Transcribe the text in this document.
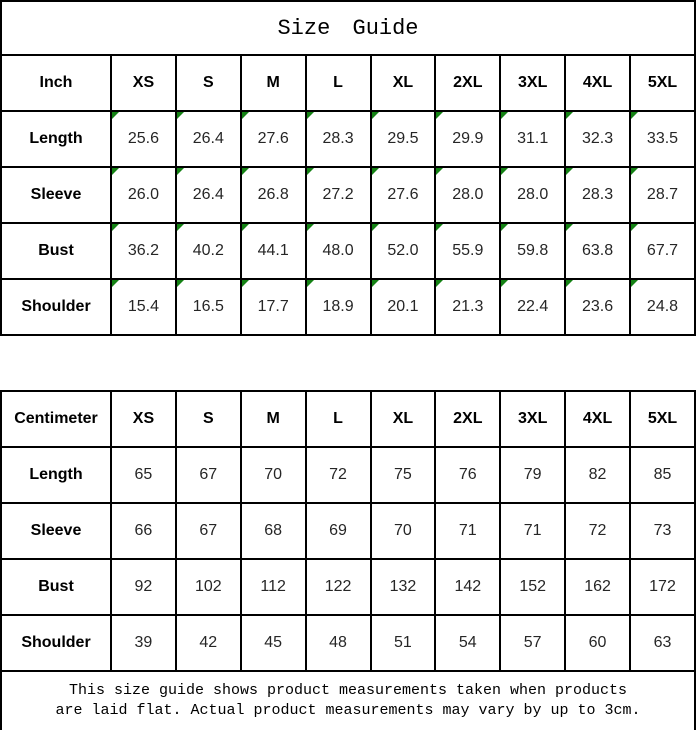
Size Guide									
Inch	XS	S	M	L	XL	2XL	3XL	4XL	5XL
Length	25.6	26.4	27.6	28.3	29.5	29.9	31.1	32.3	33.5

Sleeve	26.0	26.4	26.8	27.2	27.6	28.0	28.0	28.3	28.7

Bust	36.2	40.2	44.1	48.0	52.0	55.9	59.8	63.8	67.7

Shoulder	15.4	16.5	17.7	18.9	20.1	21.3	22.4	23.6	24.8

Centimeter	XS	S	M	L	XL	2XL	3XL	4XL	5XL
Length	65	67	70	72	75	76	79	82	85
Sleeve	66	67	68	69	70	71	71	72	73
Bust	92	102	112	122	132	142	152	162	172
Shoulder	39	42	45	48	51	54	57	60	63

This size guide shows product measurements taken when products
are laid flat. Actual product measurements may vary by up to 3cm.									
